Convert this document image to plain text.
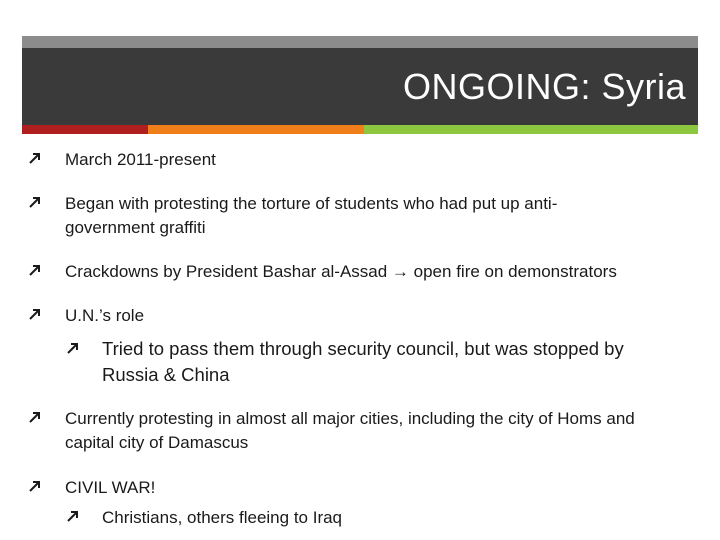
ONGOING: Syria
March 2011-present
Began with protesting the torture of students who had put up anti-
government graffiti
Crackdowns by President Bashar al-Assad → open fire on demonstrators
U.N.’s role
Tried to pass them through security council, but was stopped by
Russia & China
Currently protesting in almost all major cities, including the city of Homs and
capital city of Damascus
CIVIL WAR!
Christians, others fleeing to Iraq
